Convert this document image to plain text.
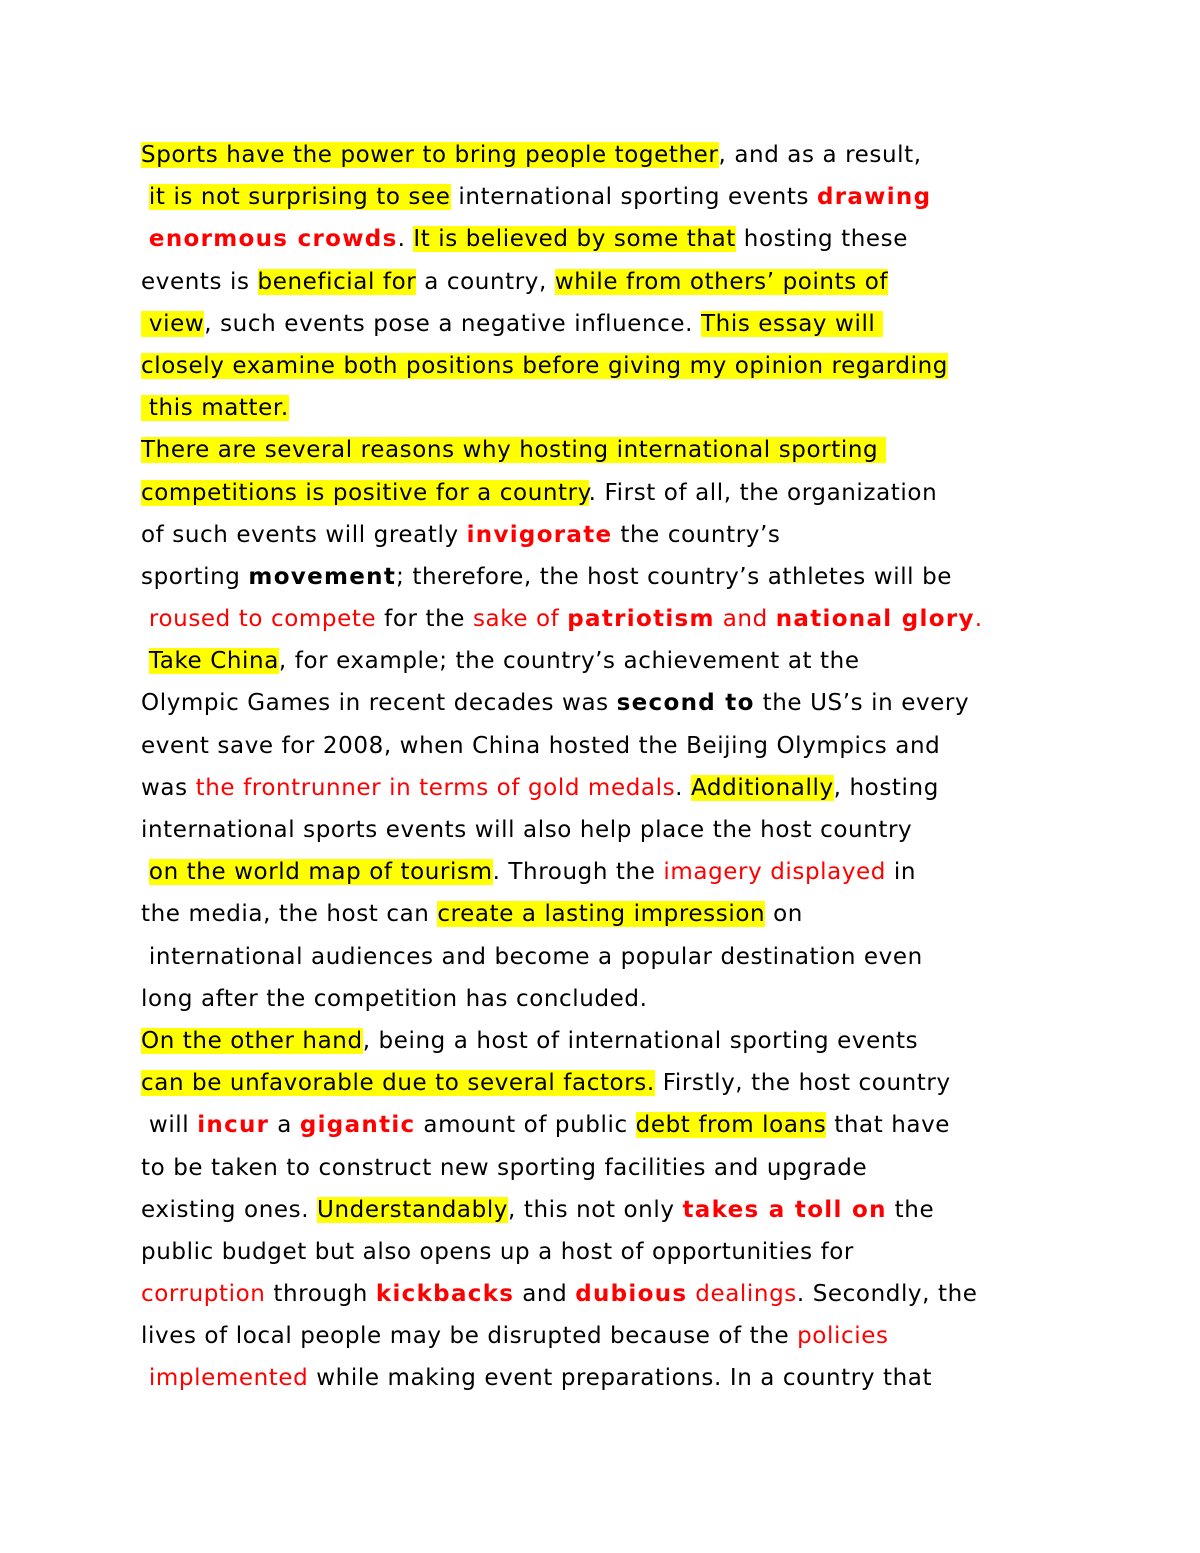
Sports have the power to bring people together, and as a result,
it is not surprising to see international sporting events drawing
enormous crowds. It is believed by some that hosting these
events is beneficial for a country, while from others’ points of
view, such events pose a negative influence. This essay will
closely examine both positions before giving my opinion regarding
this matter.
There are several reasons why hosting international sporting
competitions is positive for a country. First of all, the organization
of such events will greatly invigorate the country’s
sporting movement; therefore, the host country’s athletes will be
roused to compete for the sake of patriotism and national glory.
Take China, for example; the country’s achievement at the
Olympic Games in recent decades was second to the US’s in every
event save for 2008, when China hosted the Beijing Olympics and
was the frontrunner in terms of gold medals. Additionally, hosting
international sports events will also help place the host country
on the world map of tourism. Through the imagery displayed in
the media, the host can create a lasting impression on
international audiences and become a popular destination even
long after the competition has concluded.
On the other hand, being a host of international sporting events
can be unfavorable due to several factors. Firstly, the host country
will incur a gigantic amount of public debt from loans that have
to be taken to construct new sporting facilities and upgrade
existing ones. Understandably, this not only takes a toll on the
public budget but also opens up a host of opportunities for
corruption through kickbacks and dubious dealings. Secondly, the
lives of local people may be disrupted because of the policies
implemented while making event preparations. In a country that
